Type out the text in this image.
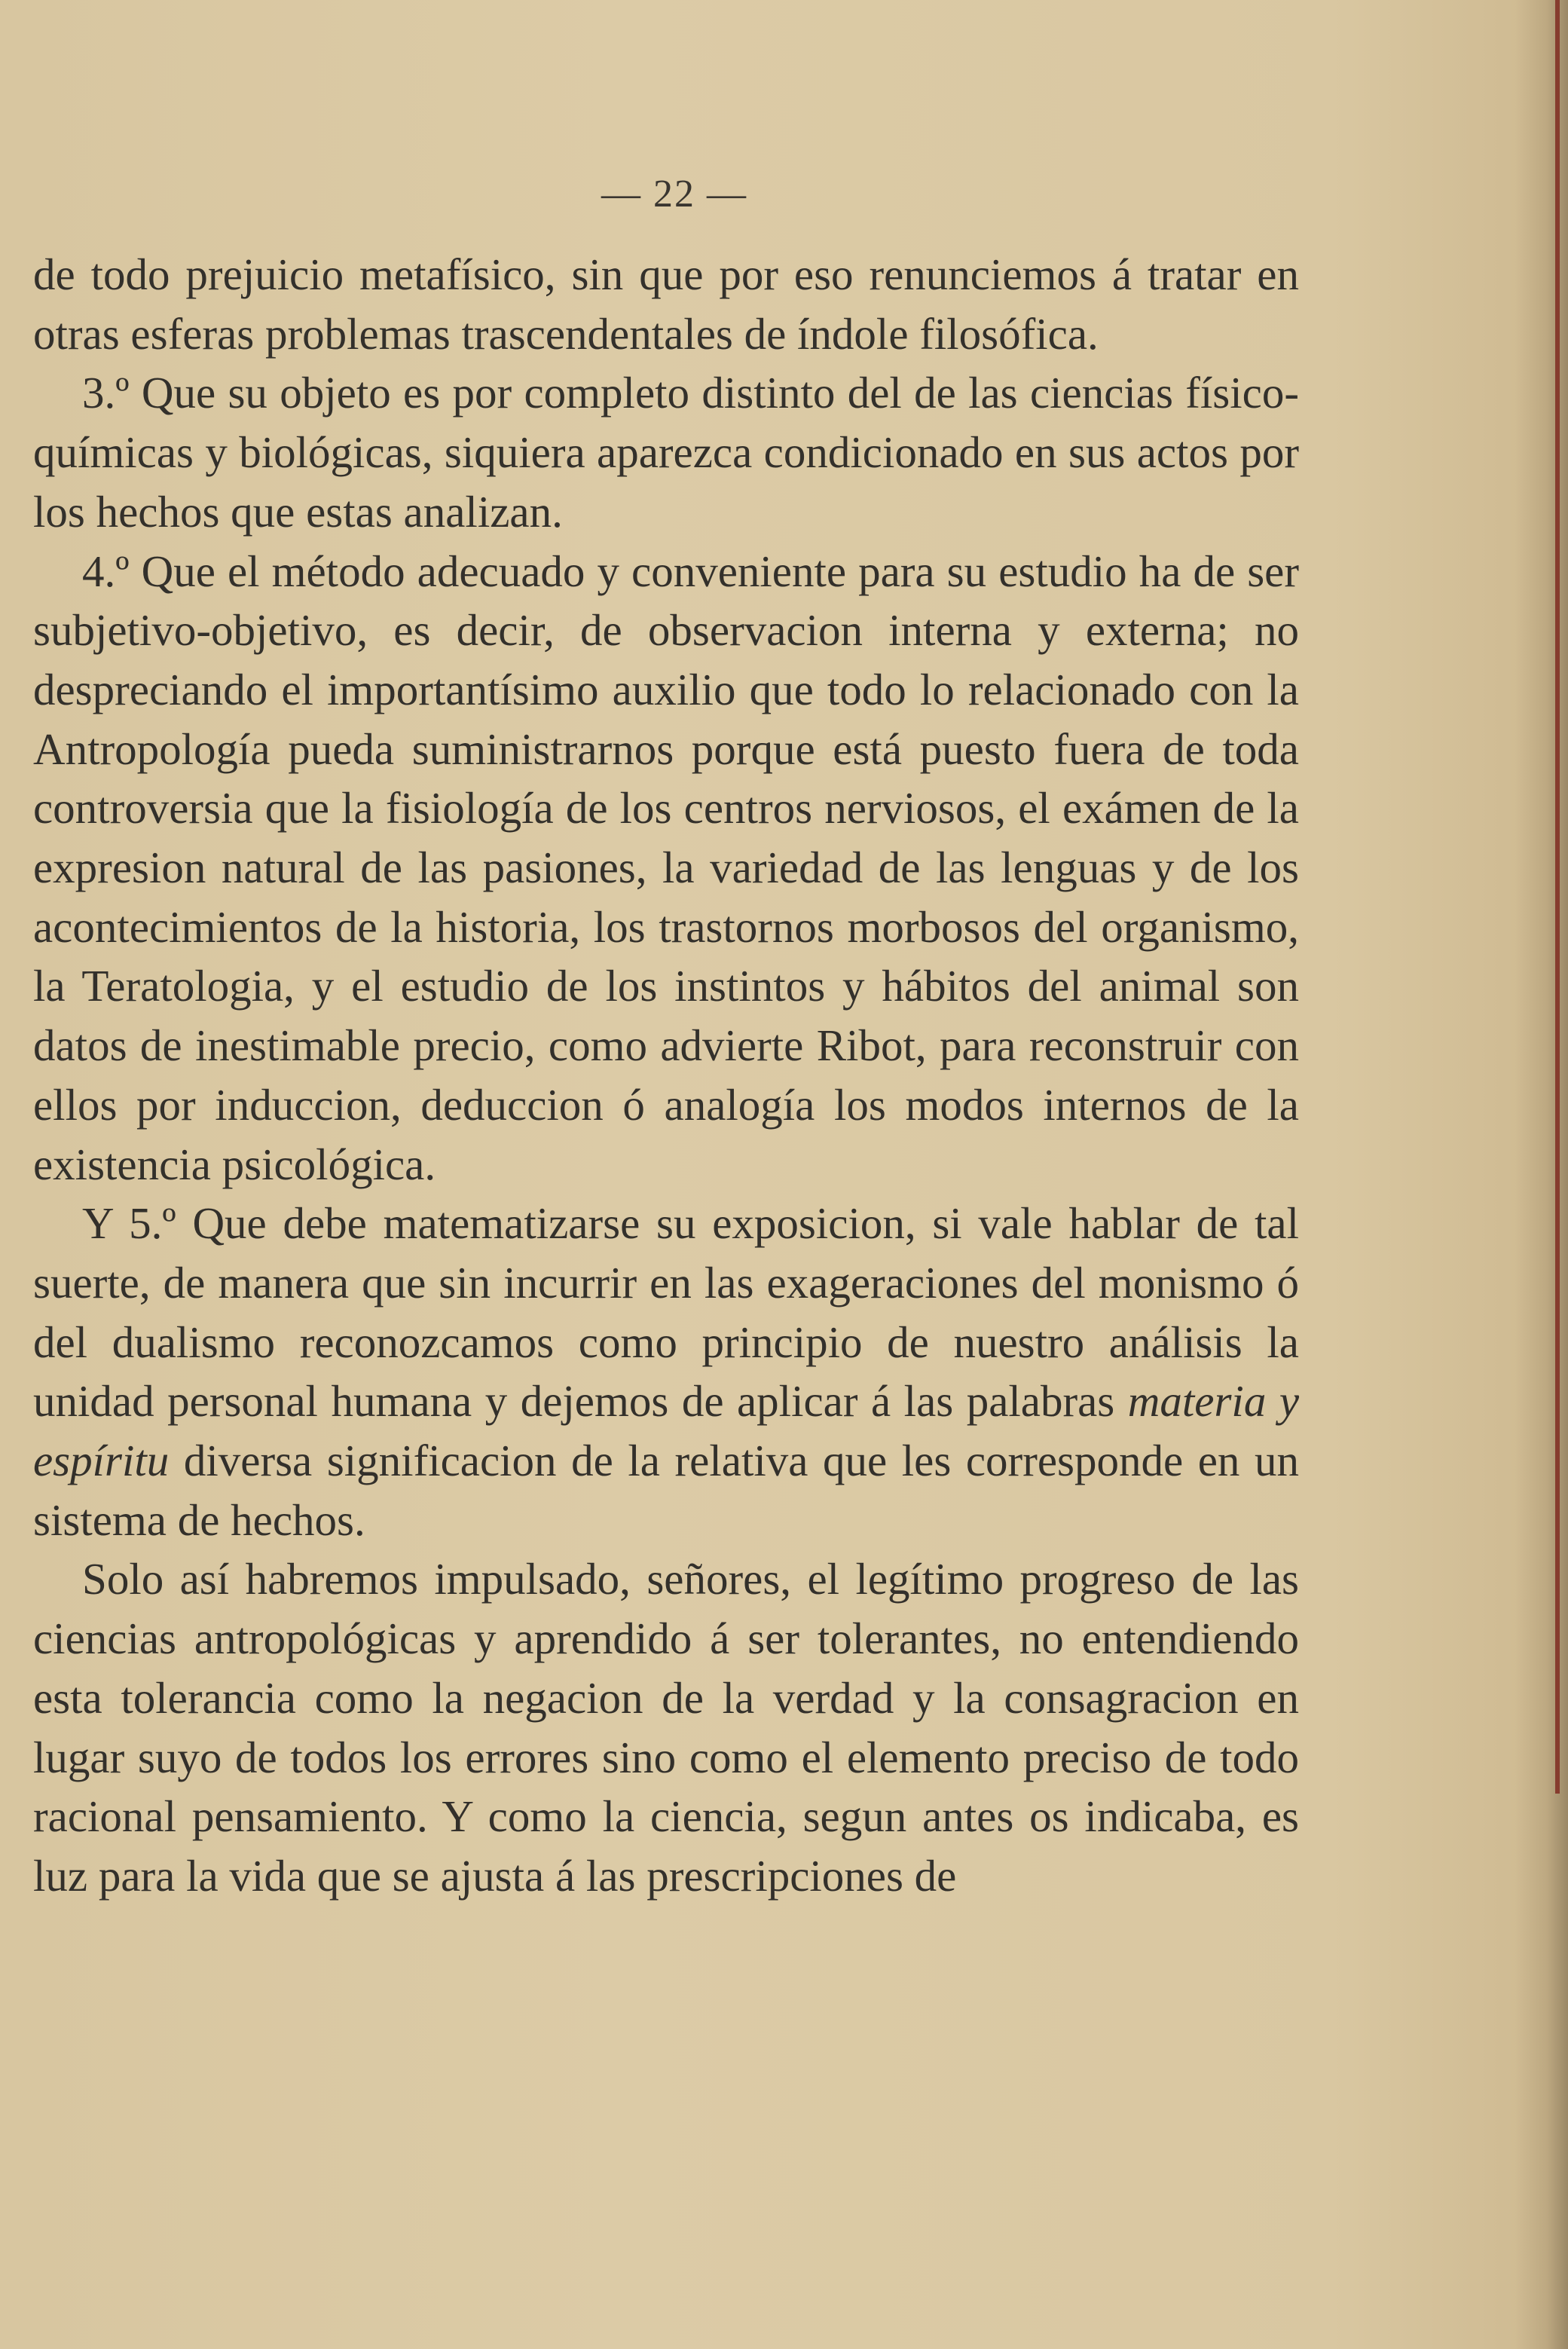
— 22 —

de todo prejuicio metafísico, sin que por eso renunciemos á tratar en otras esferas problemas trascendentales de índole filosófica.

3.º Que su objeto es por completo distinto del de las ciencias físico-químicas y biológicas, siquiera aparezca condicionado en sus actos por los hechos que estas analizan.

4.º Que el método adecuado y conveniente para su estudio ha de ser subjetivo-objetivo, es decir, de observacion interna y externa; no despreciando el importantísimo auxilio que todo lo relacionado con la Antropología pueda suministrarnos porque está puesto fuera de toda controversia que la fisiología de los centros nerviosos, el exámen de la expresion natural de las pasiones, la variedad de las lenguas y de los acontecimientos de la historia, los trastornos morbosos del organismo, la Teratologia, y el estudio de los instintos y hábitos del animal son datos de inestimable precio, como advierte Ribot, para reconstruir con ellos por induccion, deduccion ó analogía los modos internos de la existencia psicológica.

Y 5.º Que debe matematizarse su exposicion, si vale hablar de tal suerte, de manera que sin incurrir en las exageraciones del monismo ó del dualismo reconozcamos como principio de nuestro análisis la unidad personal humana y dejemos de aplicar á las palabras materia y espíritu diversa significacion de la relativa que les corresponde en un sistema de hechos.

Solo así habremos impulsado, señores, el legítimo progreso de las ciencias antropológicas y aprendido á ser tolerantes, no entendiendo esta tolerancia como la negacion de la verdad y la consagracion en lugar suyo de todos los errores sino como el elemento preciso de todo racional pensamiento. Y como la ciencia, segun antes os indicaba, es luz para la vida que se ajusta á las prescripciones de
